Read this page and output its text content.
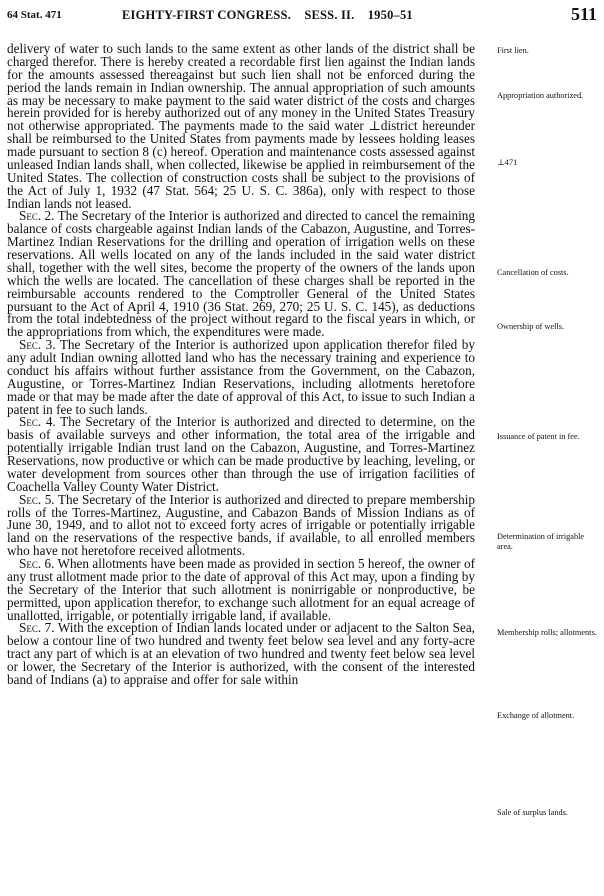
64 Stat. 471	EIGHTY-FIRST CONGRESS.    SESS. II.    1950–51	511

delivery of water to such lands to the same extent as other lands of the district shall be charged therefor. There is hereby created a recordable first lien against the Indian lands for the amounts assessed thereagainst but such lien shall not be enforced during the period the lands remain in Indian ownership. The annual appropriation of such amounts as may be necessary to make payment to the said water district of the costs and charges herein provided for is hereby authorized out of any money in the United States Treasury not otherwise appropriated. The payments made to the said water ⊥district hereunder shall be reimbursed to the United States from payments made by lessees holding leases made pursuant to section 8 (c) hereof. Operation and maintenance costs assessed against unleased Indian lands shall, when collected, likewise be applied in reimbursement of the United States. The collection of construction costs shall be subject to the provisions of the Act of July 1, 1932 (47 Stat. 564; 25 U. S. C. 386a), only with respect to those Indian lands not leased.

Sec. 2. The Secretary of the Interior is authorized and directed to cancel the remaining balance of costs chargeable against Indian lands of the Cabazon, Augustine, and Torres-Martinez Indian Reservations for the drilling and operation of irrigation wells on these reservations. All wells located on any of the lands included in the said water district shall, together with the well sites, become the property of the owners of the lands upon which the wells are located. The cancellation of these charges shall be reported in the reimbursable accounts rendered to the Comptroller General of the United States pursuant to the Act of April 4, 1910 (36 Stat. 269, 270; 25 U. S. C. 145), as deductions from the total indebtedness of the project without regard to the fiscal years in which, or the appropriations from which, the expenditures were made.

Sec. 3. The Secretary of the Interior is authorized upon application therefor filed by any adult Indian owning allotted land who has the necessary training and experience to conduct his affairs without further assistance from the Government, on the Cabazon, Augustine, or Torres-Martinez Indian Reservations, including allotments heretofore made or that may be made after the date of approval of this Act, to issue to such Indian a patent in fee to such lands.

Sec. 4. The Secretary of the Interior is authorized and directed to determine, on the basis of available surveys and other information, the total area of the irrigable and potentially irrigable Indian trust land on the Cabazon, Augustine, and Torres-Martinez Reservations, now productive or which can be made productive by leaching, leveling, or water development from sources other than through the use of irrigation facilities of Coachella Valley County Water District.

Sec. 5. The Secretary of the Interior is authorized and directed to prepare membership rolls of the Torres-Martinez, Augustine, and Cabazon Bands of Mission Indians as of June 30, 1949, and to allot not to exceed forty acres of irrigable or potentially irrigable land on the reservations of the respective bands, if available, to all enrolled members who have not heretofore received allotments.

Sec. 6. When allotments have been made as provided in section 5 hereof, the owner of any trust allotment made prior to the date of approval of this Act may, upon a finding by the Secretary of the Interior that such allotment is nonirrigable or nonproductive, be permitted, upon application therefor, to exchange such allotment for an equal acreage of unallotted, irrigable, or potentially irrigable land, if available.

Sec. 7. With the exception of Indian lands located under or adjacent to the Salton Sea, below a contour line of two hundred and twenty feet below sea level and any forty-acre tract any part of which is at an elevation of two hundred and twenty feet below sea level or lower, the Secretary of the Interior is authorized, with the consent of the interested band of Indians (a) to appraise and offer for sale within

First lien.
Appropriation authorized.
⊥471
Cancellation of costs.
Ownership of wells.
Issuance of patent in fee.
Determination of irrigable area.
Membership rolls; allotments.
Exchange of allotment.
Sale of surplus lands.
